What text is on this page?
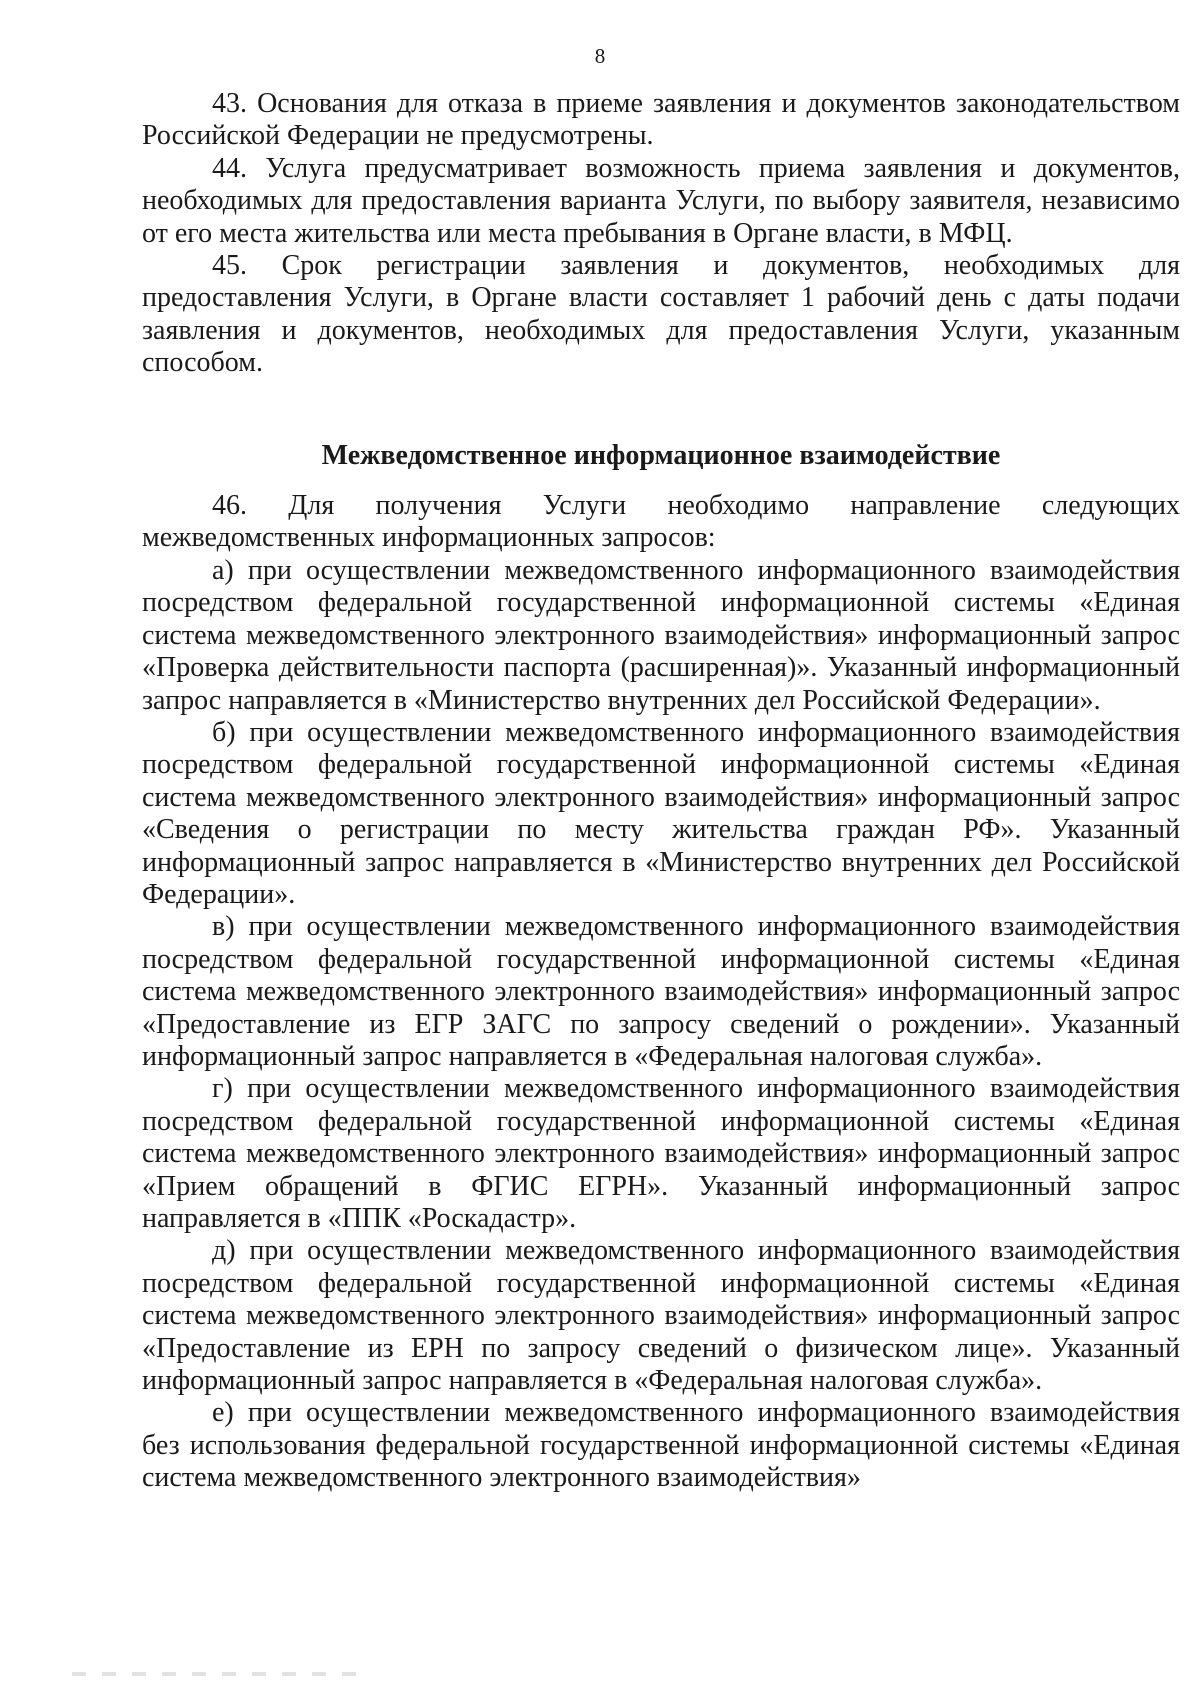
8

43. Основания для отказа в приеме заявления и документов законодательством Российской Федерации не предусмотрены.

44. Услуга предусматривает возможность приема заявления и документов, необходимых для предоставления варианта Услуги, по выбору заявителя, независимо от его места жительства или места пребывания в Органе власти, в МФЦ.

45. Срок регистрации заявления и документов, необходимых для предоставления Услуги, в Органе власти составляет 1 рабочий день с даты подачи заявления и документов, необходимых для предоставления Услуги, указанным способом.

Межведомственное информационное взаимодействие

46. Для получения Услуги необходимо направление следующих межведомственных информационных запросов:

а) при осуществлении межведомственного информационного взаимодействия посредством федеральной государственной информационной системы «Единая система межведомственного электронного взаимодействия» информационный запрос «Проверка действительности паспорта (расширенная)». Указанный информационный запрос направляется в «Министерство внутренних дел Российской Федерации».

б) при осуществлении межведомственного информационного взаимодействия посредством федеральной государственной информационной системы «Единая система межведомственного электронного взаимодействия» информационный запрос «Сведения о регистрации по месту жительства граждан РФ». Указанный информационный запрос направляется в «Министерство внутренних дел Российской Федерации».

в) при осуществлении межведомственного информационного взаимодействия посредством федеральной государственной информационной системы «Единая система межведомственного электронного взаимодействия» информационный запрос «Предоставление из ЕГР ЗАГС по запросу сведений о рождении». Указанный информационный запрос направляется в «Федеральная налоговая служба».

г) при осуществлении межведомственного информационного взаимодействия посредством федеральной государственной информационной системы «Единая система межведомственного электронного взаимодействия» информационный запрос «Прием обращений в ФГИС ЕГРН». Указанный информационный запрос направляется в «ППК «Роскадастр».

д) при осуществлении межведомственного информационного взаимодействия посредством федеральной государственной информационной системы «Единая система межведомственного электронного взаимодействия» информационный запрос «Предоставление из ЕРН по запросу сведений о физическом лице». Указанный информационный запрос направляется в «Федеральная налоговая служба».

е) при осуществлении межведомственного информационного взаимодействия без использования федеральной государственной информационной системы «Единая система межведомственного электронного взаимодействия»
